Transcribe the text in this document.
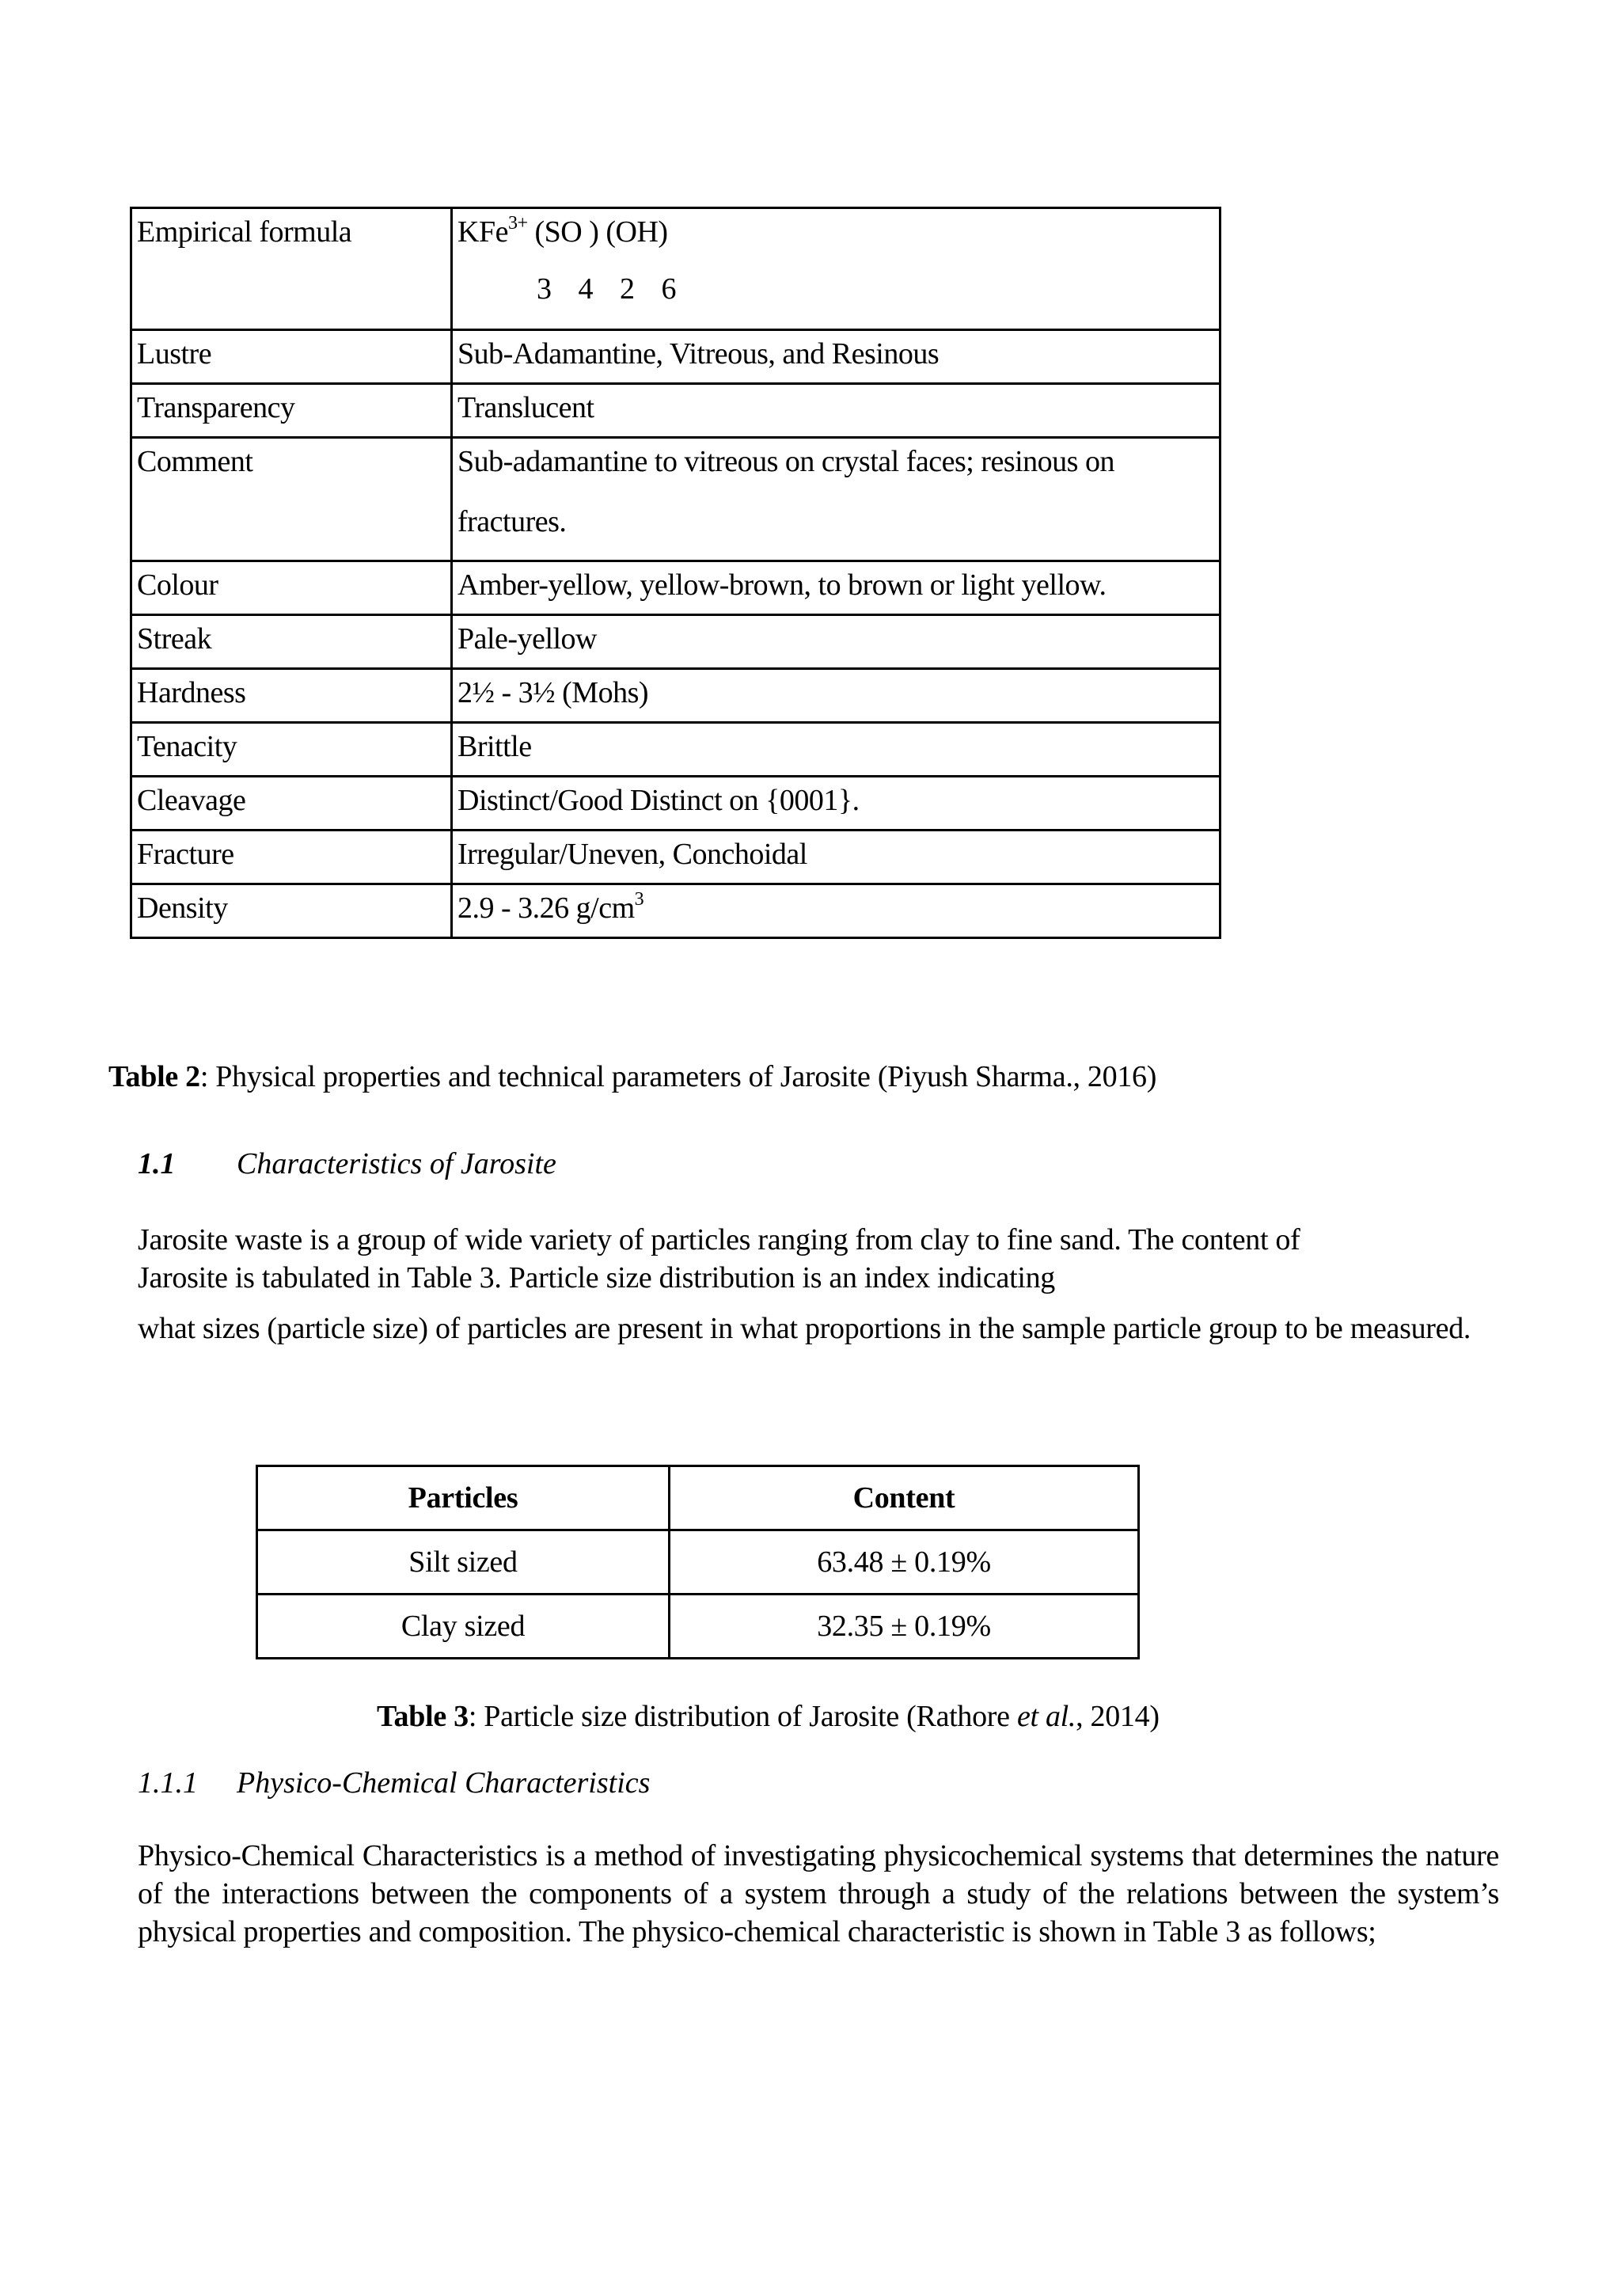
Empirical formula	KFe$^{3+}$ (SO ) (OH)
3 4 2 6

Lustre	Sub-Adamantine, Vitreous, and Resinous
Transparency	Translucent
Comment	Sub-adamantine to vitreous on crystal faces; resinous on
fractures.

Colour	Amber-yellow, yellow-brown, to brown or light yellow.
Streak	Pale-yellow
Hardness	2½ - 3½ (Mohs)
Tenacity	Brittle
Cleavage	Distinct/Good Distinct on {0001}.
Fracture	Irregular/Uneven, Conchoidal
Density	2.9 - 3.26 $g/cm^3$
Table 2: Physical properties and technical parameters of Jarosite (Piyush Sharma., 2016)
1.1 Characteristics of Jarosite
Jarosite waste is a group of wide variety of particles ranging from clay to fine sand. The content of
Jarosite is tabulated in Table 3. Particle size distribution is an index indicating
what sizes (particle size) of particles are present in what proportions in the sample particle group to be measured.
Particles	Content
Silt sized	63.48 ± 0.19%
Clay sized	32.35 ± 0.19%
Table 3: Particle size distribution of Jarosite (Rathore et al., 2014)
1.1.1 Physico-Chemical Characteristics
Physico-Chemical Characteristics is a method of investigating physicochemical systems that determines the nature of the interactions between the components of a system through a study of the relations between the system’s physical properties and composition. The physico-chemical characteristic is shown in Table 3 as follows;
